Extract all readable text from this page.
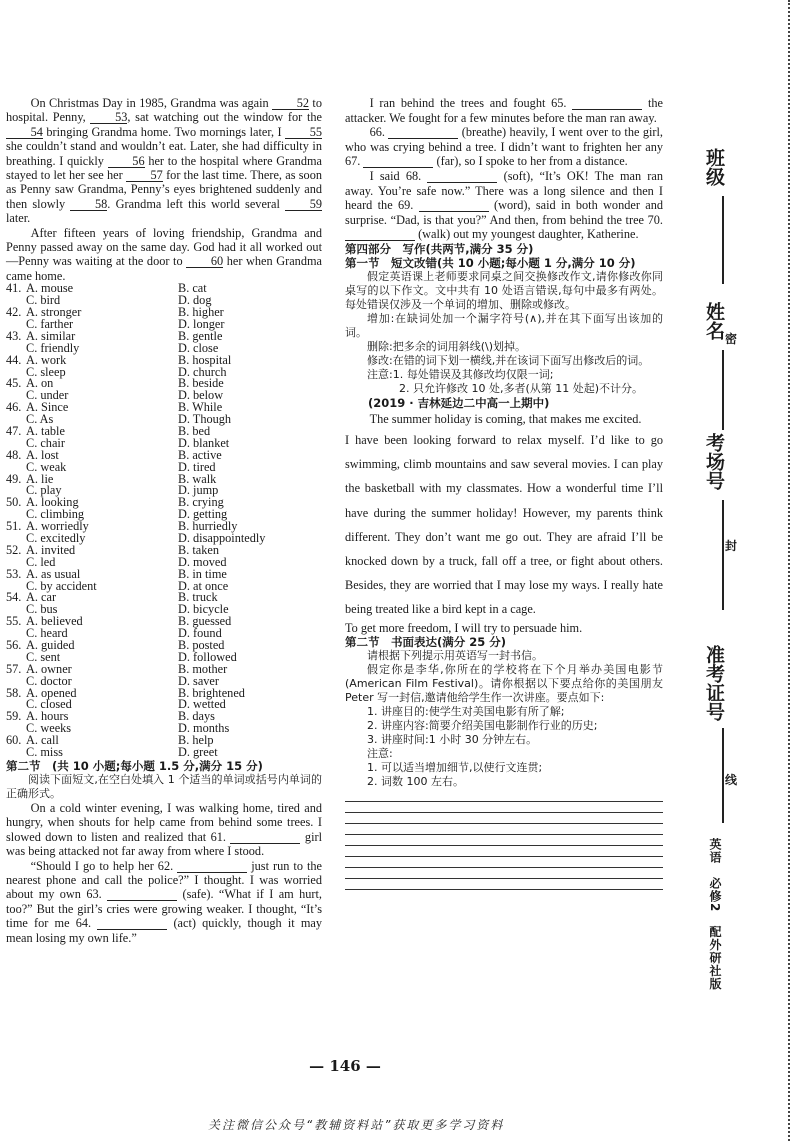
On Christmas Day in 1985, Grandma was again 52 to hospital. Penny, 53, sat watching out the window for the 54 bringing Grandma home. Two mornings later, I 55 she couldn’t stand and wouldn’t eat. Later, she had difficulty in breathing. I quickly 56 her to the hospital where Grandma stayed to let her see her 57 for the last time. There, as soon as Penny saw Grandma, Penny’s eyes brightened suddenly and then slowly 58. Grandma left this world several 59 later.

After fifteen years of loving friendship, Grandma and Penny passed away on the same day. God had it all worked out—Penny was waiting at the door to 60 her when Grandma came home.

41. A. mouse	B. cat
C. bird	D. dog
42. A. stronger	B. higher
C. farther	D. longer
43. A. similar	B. gentle
C. friendly	D. close
44. A. work	B. hospital
C. sleep	D. church
45. A. on	B. beside
C. under	D. below
46. A. Since	B. While
C. As	D. Though
47. A. table	B. bed
C. chair	D. blanket
48. A. lost	B. active
C. weak	D. tired
49. A. lie	B. walk
C. play	D. jump
50. A. looking	B. crying
C. climbing	D. getting
51. A. worriedly	B. hurriedly
C. excitedly	D. disappointedly
52. A. invited	B. taken
C. led	D. moved
53. A. as usual	B. in time
C. by accident	D. at once
54. A. car	B. truck
C. bus	D. bicycle
55. A. believed	B. guessed
C. heard	D. found
56. A. guided	B. posted
C. sent	D. followed
57. A. owner	B. mother
C. doctor	D. saver
58. A. opened	B. brightened
C. closed	D. wetted
59. A. hours	B. days
C. weeks	D. months
60. A. call	B. help
C. miss	D. greet

第二节　(共 10 小题;每小题 1.5 分,满分 15 分)

阅读下面短文,在空白处填入 1 个适当的单词或括号内单词的正确形式。

On a cold winter evening, I was walking home, tired and hungry, when shouts for help came from behind some trees. I slowed down to listen and realized that 61.	girl was being attacked not far away from where I stood.

“Should I go to help her 62.	just run to the nearest phone and call the police?” I thought. I was worried about my own 63.	(safe). “What if I am hurt, too?” But the girl’s cries were growing weaker. I thought, “It’s time for me 64.	(act) quickly, though it may mean losing my own life.”

I ran behind the trees and fought 65.	the attacker. We fought for a few minutes before the man ran away.

66.	(breathe) heavily, I went over to the girl, who was crying behind a tree. I didn’t want to frighten her any 67.	(far), so I spoke to her from a distance.

I said 68.	(soft), “It’s OK! The man ran away. You’re safe now.” There was a long silence and then I heard the 69.	(word), said in both wonder and surprise. “Dad, is that you?” And then, from behind the tree 70.   (walk) out my youngest daughter, Katherine.

第四部分　写作(共两节,满分 35 分)

第一节　短文改错(共 10 小题;每小题 1 分,满分 10 分)

假定英语课上老师要求同桌之间交换修改作文,请你修改你同桌写的以下作文。文中共有 10 处语言错误,每句中最多有两处。每处错误仅涉及一个单词的增加、删除或修改。

增加:在缺词处加一个漏字符号(∧),并在其下面写出该加的词。

删除:把多余的词用斜线(\)划掉。

修改:在错的词下划一横线,并在该词下面写出修改后的词。

注意:1. 每处错误及其修改均仅限一词;

2. 只允许修改 10 处,多者(从第 11 处起)不计分。

(2019 · 吉林延边二中高一上期中)

The summer holiday is coming, that makes me excited.

I have been looking forward to relax myself. I’d like to go swimming, climb mountains and saw several movies. I can play the basketball with my classmates. How a wonderful time I’ll have during the summer holiday! However, my parents think different. They don’t want me go out. They are afraid I’ll be knocked down by a truck, fall off a tree, or fight about others. Besides, they are worried that I may lose my ways. I really hate being treated like a bird kept in a cage.

To get more freedom, I will try to persuade him.

第二节　书面表达(满分 25 分)

请根据下列提示用英语写一封书信。

假定你是李华,你所在的学校将在下个月举办美国电影节(American Film Festival)。请你根据以下要点给你的美国朋友 Peter 写一封信,邀请他给学生作一次讲座。要点如下:

1. 讲座目的:使学生对美国电影有所了解;

2. 讲座内容:简要介绍美国电影制作行业的历史;

3. 讲座时间:1 小时 30 分钟左右。

注意:

1. 可以适当增加细节,以使行文连贯;

2. 词数 100 左右。

班级
姓名 密
考场号
封
准考证号
线
英语　必修2　配外研社版
— 146 —
关注微信公众号“教辅资料站”获取更多学习资料
